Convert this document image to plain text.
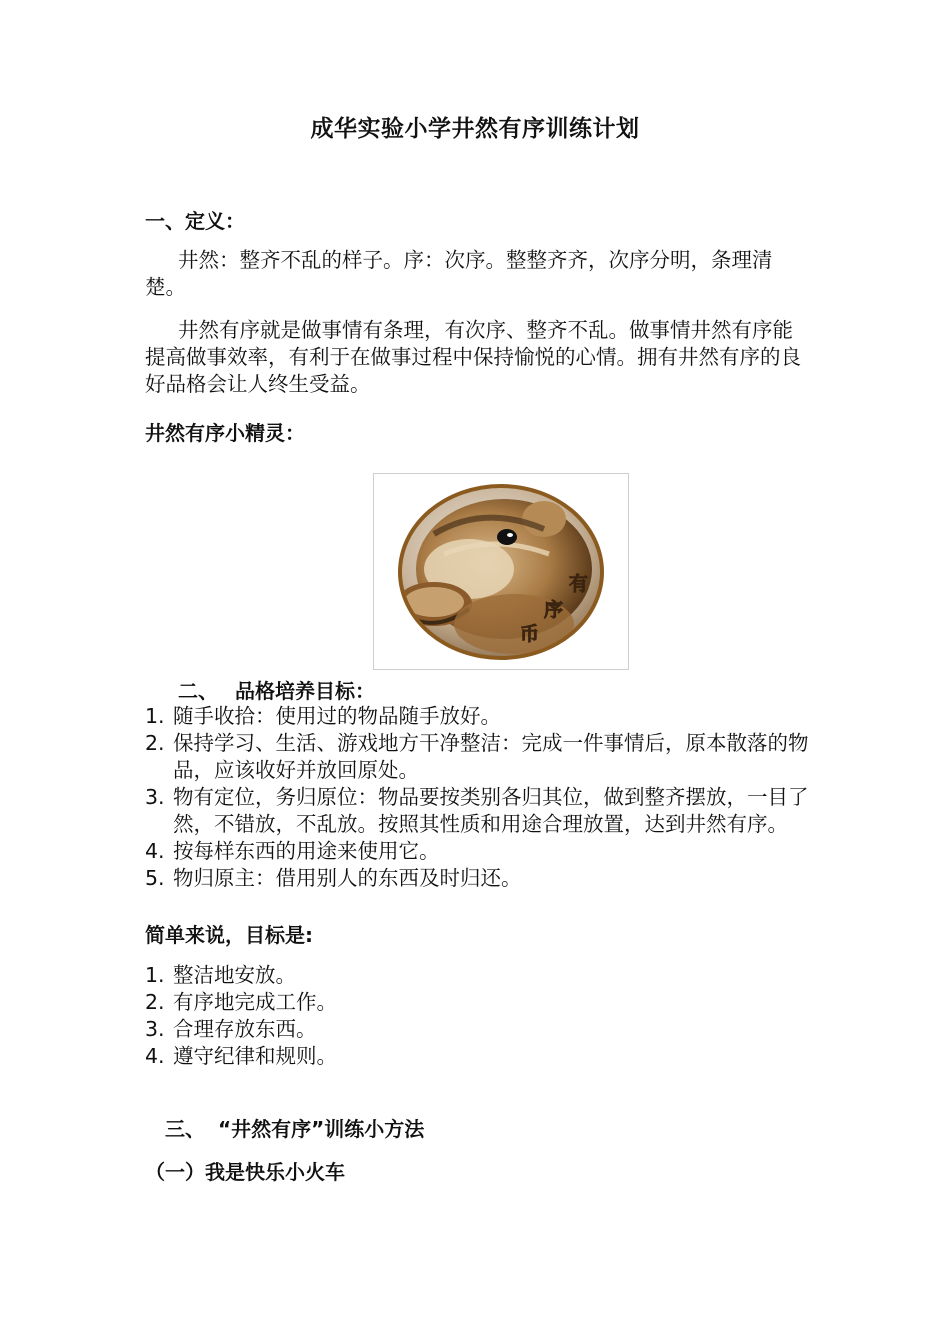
成华实验小学井然有序训练计划
一、定义：
井然：整齐不乱的样子。序：次序。整整齐齐，次序分明，条理清楚。
井然有序就是做事情有条理，有次序、整齐不乱。做事情井然有序能提高做事效率，有利于在做事过程中保持愉悦的心情。拥有井然有序的良好品格会让人终生受益。
井然有序小精灵：
有
序
币
二、 品格培养目标：
1. 随手收拾：使用过的物品随手放好。
2. 保持学习、生活、游戏地方干净整洁：完成一件事情后，原本散落的物品，应该收好并放回原处。
3. 物有定位，务归原位：物品要按类别各归其位，做到整齐摆放，一目了然，不错放，不乱放。按照其性质和用途合理放置，达到井然有序。
4. 按每样东西的用途来使用它。
5. 物归原主：借用别人的东西及时归还。
简单来说，目标是:
1. 整洁地安放。
2. 有序地完成工作。
3. 合理存放东西。
4. 遵守纪律和规则。
三、 “井然有序”训练小方法
（一）我是快乐小火车
